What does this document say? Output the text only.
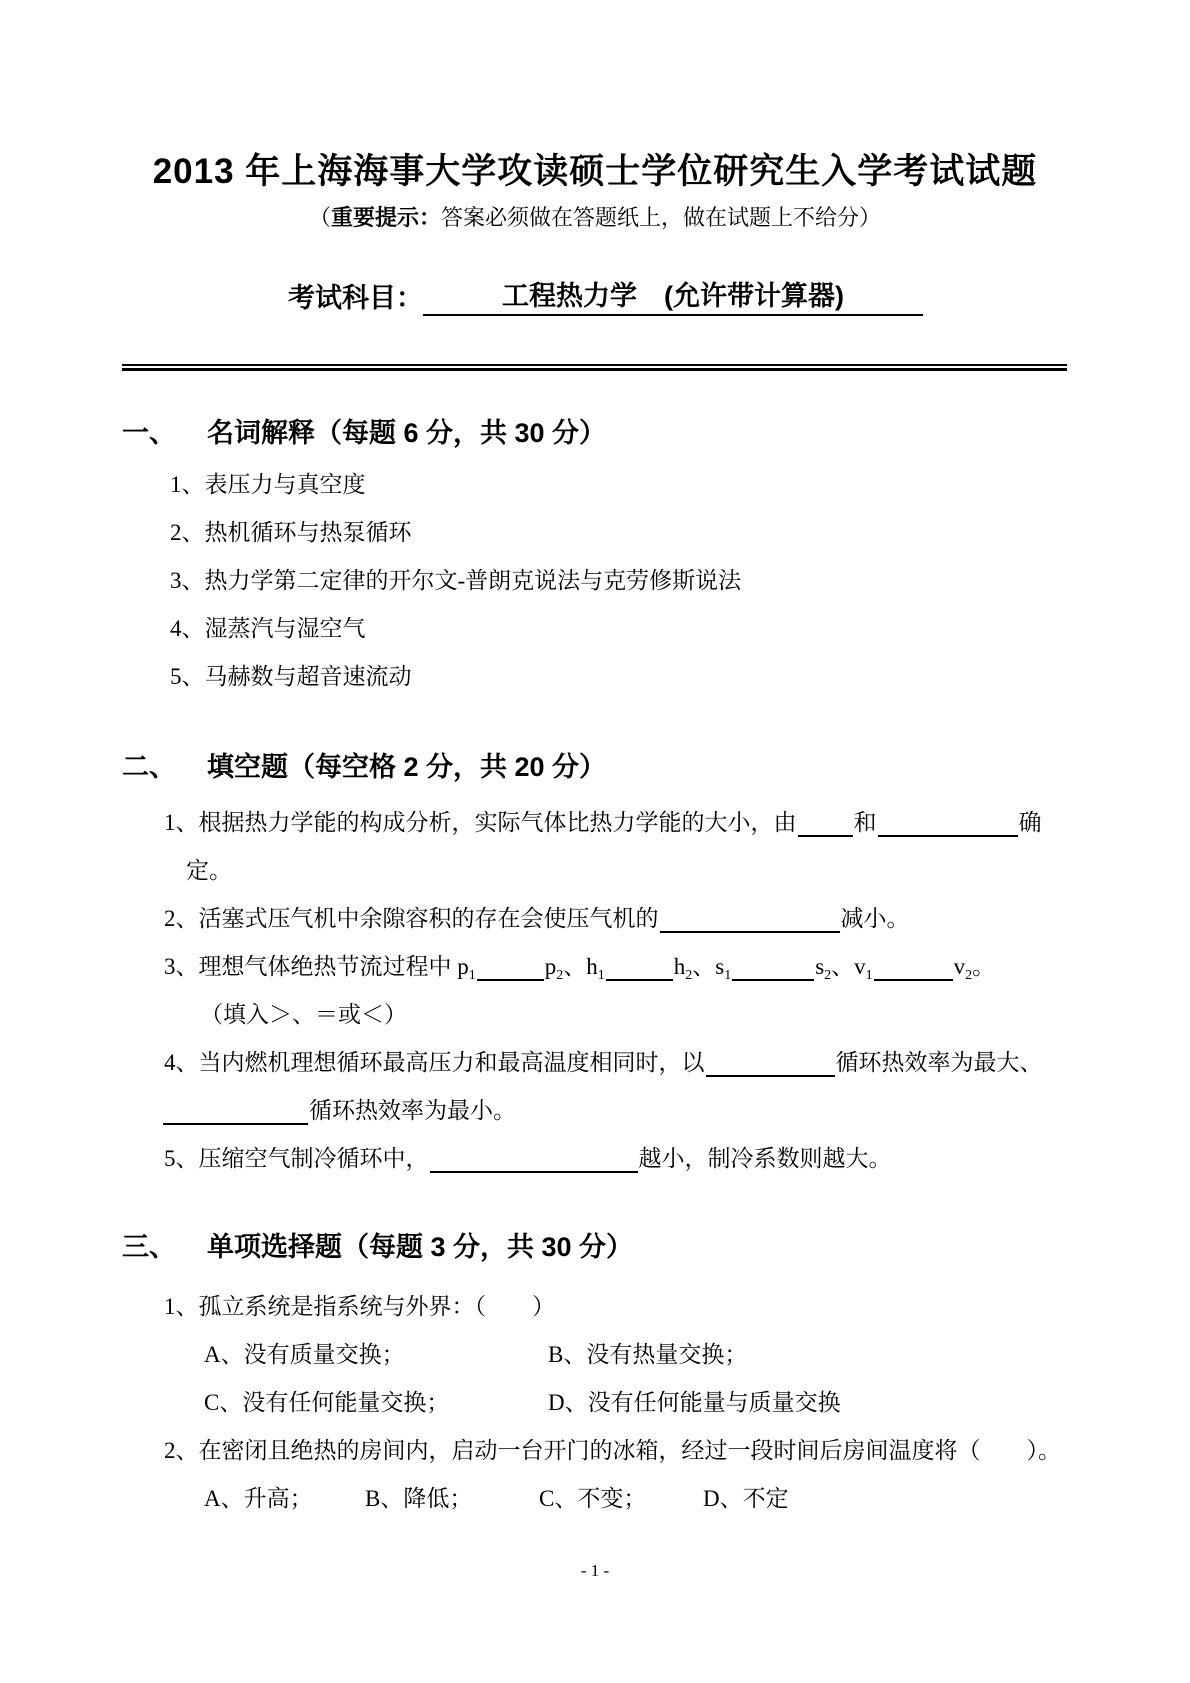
2013 年上海海事大学攻读硕士学位研究生入学考试试题
（重要提示：答案必须做在答题纸上，做在试题上不给分）
考试科目：	工程热力学　(允许带计算器)
一、 名词解释（每题 6 分，共 30 分）
1、表压力与真空度
2、热机循环与热泵循环
3、热力学第二定律的开尔文-普朗克说法与克劳修斯说法
4、湿蒸汽与湿空气
5、马赫数与超音速流动
二、 填空题（每空格 2 分，共 20 分）
1、根据热力学能的构成分析，实际气体比热力学能的大小，由 和	确
定。
2、活塞式压气机中余隙容积的存在会使压气机的	减小。
3、理想气体绝热节流过程中 $p_1$	$p_2$、$h_1$	$h_2$、$s_1$	$s_2$、$v_1$	$v_2$。
（填入＞、＝或＜）
4、当内燃机理想循环最高压力和最高温度相同时，以	循环热效率为最大、
循环热效率为最小。
5、压缩空气制冷循环中，	越小，制冷系数则越大。
三、 单项选择题（每题 3 分，共 30 分）
1、孤立系统是指系统与外界：（　　）
A、没有质量交换；	B、没有热量交换；
C、没有任何能量交换；	D、没有任何能量与质量交换
2、在密闭且绝热的房间内，启动一台开门的冰箱，经过一段时间后房间温度将（　　）。
A、升高； B、降低；	C、不变； D、不定
- 1 -
